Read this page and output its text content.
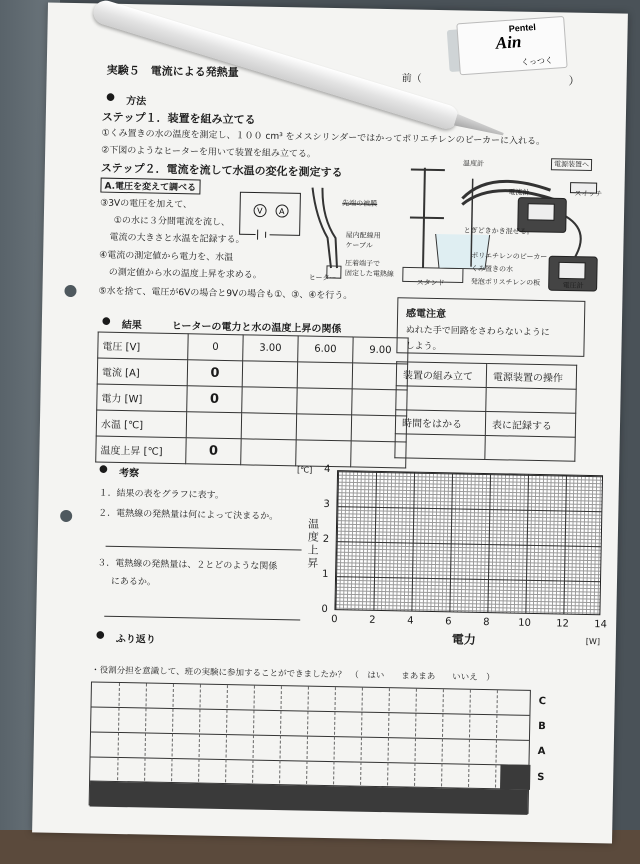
実験５　電流による発熱量	前（	）
● 方法
ステップ１．装置を組み立てる
①くみ置きの水の温度を測定し、１００ cm³ をメスシリンダーではかってポリエチレンのビーカーに入れる。
②下図のようなヒーターを用いて装置を組み立てる。
ステップ２．電流を流して水温の変化を測定する
A.電圧を変えて調べる
③3Vの電圧を加えて、
①の水に３分間電流を流し、
電流の大きさと水温を記録する。
④電流の測定値から電力を、水温
の測定値から水の温度上昇を求める。
⑤水を捨て、電圧が6Vの場合と9Vの場合も①、③、④を行う。
V A
先端の被膜
屋内配線用
ケーブル
圧着端子で
固定した電熱線
ヒーター
温度計	電源装置へ
電流計	スイッチ
とぎどきかき混ぜる。
ポリエチレンのビーカー
くみ置きの水
発泡ポリスチレンの板
スタンド	電圧計
● 結果	ヒーターの電力と水の温度上昇の関係
電圧 [V]	0	3.00	6.00	9.00
電流 [A]	0			
電力 [W]	0			
水温 [℃]				
温度上昇 [℃]	0			
感電注意
ぬれた手で回路をさわらないように
しよう。
装置の組み立て	電源装置の操作

時間をはかる	表に記録する

● 考察
１．結果の表をグラフに表す。
２．電熱線の発熱量は何によって決まるか。
３．電熱線の発熱量は、２とどのような関係
にあるか。
[℃]
温度上昇
4
3
2
1
0
0	2	4	6	8	10	12	14
電力	[W]
● ふり返り
・役割分担を意識して、班の実験に参加することができましたか？　（　はい　　まあまあ　　いいえ　）
C
B
A
S
Pentel
Ain
くっつく
